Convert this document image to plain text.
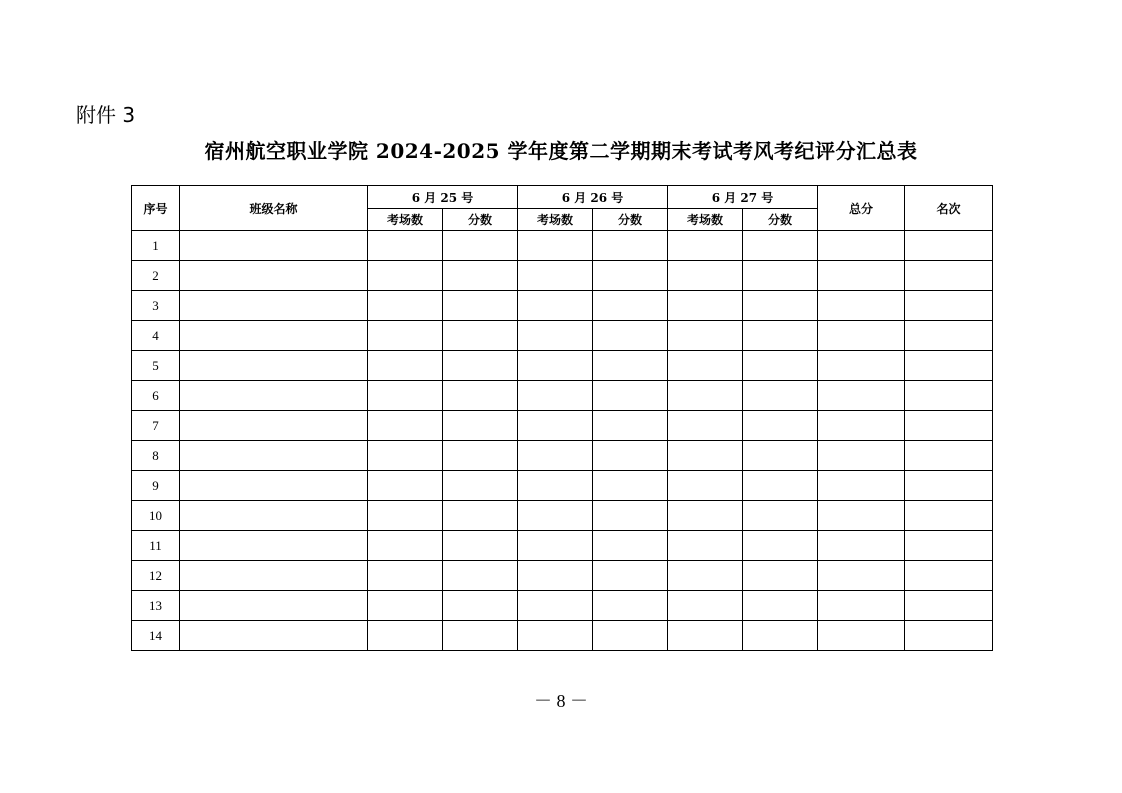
附件 3
宿州航空职业学院 2024-2025 学年度第二学期期末考试考风考纪评分汇总表
序号	班级名称	6 月 25 号		6 月 26 号		6 月 27 号		总分	名次
		考场数	分数	考场数	分数	考场数	分数		
1									
2									
3									
4									
5									
6									
7									
8									
9									
10									
11									
12									
13									
14									
－ 8 －
